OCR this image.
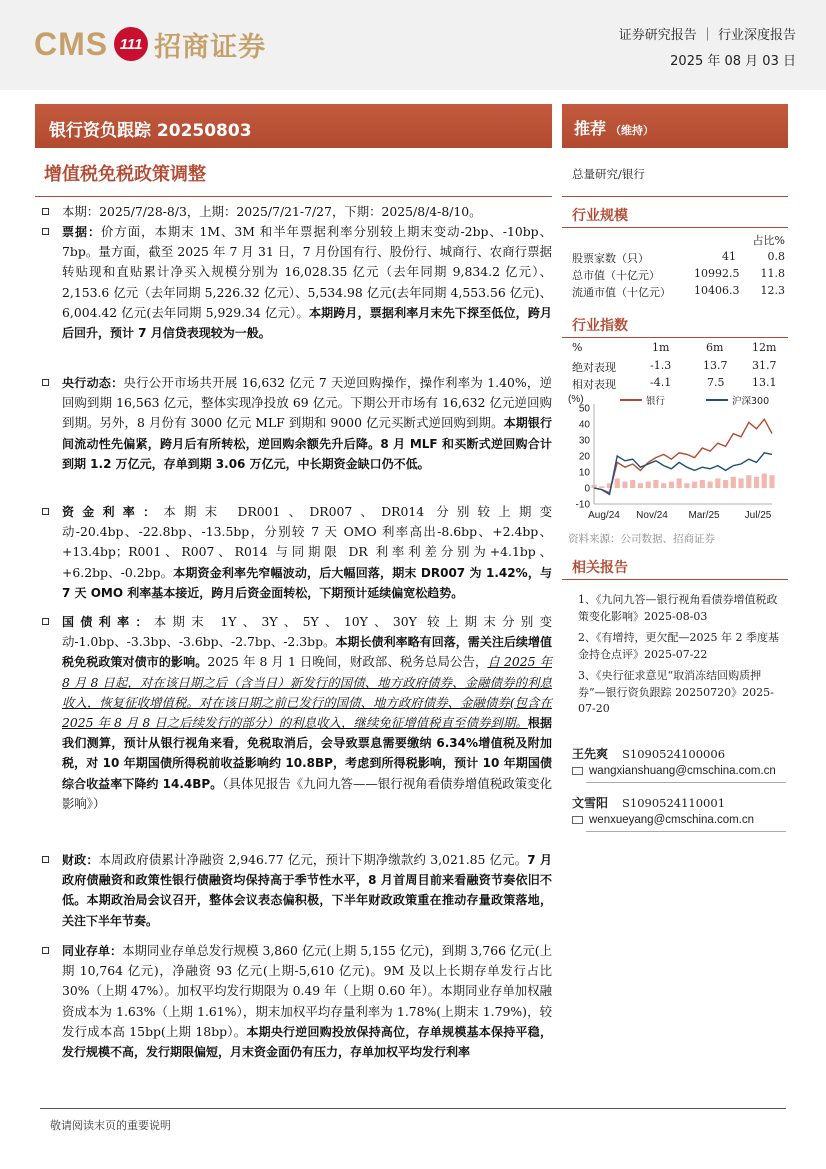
CMS 111 招商证券	证券研究报告 ｜ 行业深度报告
2025 年 08 月 03 日
银行资负跟踪 20250803
增值税免税政策调整
推荐 （维持）
总量研究/银行
行业规模
占比%
股票家数（只）	41	0.8
总市值（十亿元）	10992.5 11.8
流通市值（十亿元） 10406.3 12.3
行业指数
%	1m	6m	12m
绝对表现	-1.3	13.7 31.7
相对表现	-4.1	7.5	13.1
(%)	银行	沪深300
50
40
30
20
10
0
-10
Aug/24 Nov/24 Mar/25	Jul/25
资料来源：公司数据、招商证券
相关报告
1、《九问九答—银行视角看债券增值税政策变化影响》2025-08-03
2、《有增持，更欠配—2025 年 2 季度基金持仓点评》2025-07-22
3、《央行征求意见“取消冻结回购质押券”—银行资负跟踪 20250720》2025-07-20
王先爽 S1090524100006
wangxianshuang@cmschina.com.cn
文雪阳 S1090524110001
wenxueyang@cmschina.com.cn

本期：2025/7/28-8/3，上期：2025/7/21-7/27，下期：2025/8/4-8/10。

票据：价方面，本期末 1M、3M 和半年票据利率分别较上期末变动-2bp、-10bp、7bp。量方面，截至 2025 年 7 月 31 日，7 月份国有行、股份行、城商行、农商行票据转贴现和直贴累计净买入规模分别为 16,028.35 亿元（去年同期 9,834.2 亿元）、2,153.6 亿元（去年同期 5,226.32 亿元）、5,534.98 亿元(去年同期 4,553.56 亿元)、6,004.42 亿元(去年同期 5,929.34 亿元）。本期跨月，票据利率月末先下探至低位，跨月后回升，预计 7 月信贷表现较为一般。

央行动态：央行公开市场共开展 16,632 亿元 7 天逆回购操作，操作利率为 1.40%，逆回购到期 16,563 亿元，整体实现净投放 69 亿元。下期公开市场有 16,632 亿元逆回购到期。另外，8 月份有 3000 亿元 MLF 到期和 9000 亿元买断式逆回购到期。本期银行间流动性先偏紧，跨月后有所转松，逆回购余额先升后降。8 月 MLF 和买断式逆回购合计到期 1.2 万亿元，存单到期 3.06 万亿元，中长期资金缺口仍不低。

资金利率：本期末 DR001、DR007、DR014 分别较上期变动-20.4bp、-22.8bp、-13.5bp，分别较 7 天 OMO 利率高出-8.6bp、+2.4bp、+13.4bp；R001、R007、R014 与同期限 DR 利率利差分别为+4.1bp、+6.2bp、-0.2bp。本期资金利率先窄幅波动，后大幅回落，期末 DR007 为 1.42%，与 7 天 OMO 利率基本接近，跨月后资金面转松，下期预计延续偏宽松趋势。

国债利率：本期末 1Y、3Y、5Y、10Y、30Y 较上期末分别变动-1.0bp、-3.3bp、-3.6bp、-2.7bp、-2.3bp。本期长债利率略有回落，需关注后续增值税免税政策对债市的影响。2025 年 8 月 1 日晚间，财政部、税务总局公告，自 2025 年 8 月 8 日起，对在该日期之后（含当日）新发行的国债、地方政府债券、金融债券的利息收入，恢复征收增值税。对在该日期之前已发行的国债、地方政府债券、金融债券(包含在 2025 年 8 月 8 日之后续发行的部分）的利息收入，继续免征增值税直至债券到期。根据我们测算，预计从银行视角来看，免税取消后，会导致票息需要缴纳 6.34%增值税及附加税，对 10 年期国债所得税前收益影响约 10.8BP，考虑到所得税影响，预计 10 年期国债综合收益率下降约 14.4BP。（具体见报告《九问九答——银行视角看债券增值税政策变化影响》）

财政：本周政府债累计净融资 2,946.77 亿元，预计下期净缴款约 3,021.85 亿元。7 月政府债融资和政策性银行债融资均保持高于季节性水平，8 月首周目前来看融资节奏依旧不低。本期政治局会议召开，整体会议表态偏积极，下半年财政政策重在推动存量政策落地，关注下半年节奏。

同业存单：本期同业存单总发行规模 3,860 亿元(上期 5,155 亿元)，到期 3,766 亿元(上期 10,764 亿元)，净融资 93 亿元(上期-5,610 亿元)。9M 及以上长期存单发行占比 30%（上期 47%）。加权平均发行期限为 0.49 年（上期 0.60 年）。本期同业存单加权融资成本为 1.63%（上期 1.61%），期末加权平均存量利率为 1.78%(上期末 1.79%)，较发行成本高 15bp(上期 18bp）。本期央行逆回购投放保持高位，存单规模基本保持平稳，发行规模不高，发行期限偏短，月末资金面仍有压力，存单加权平均发行利率

敬请阅读末页的重要说明
